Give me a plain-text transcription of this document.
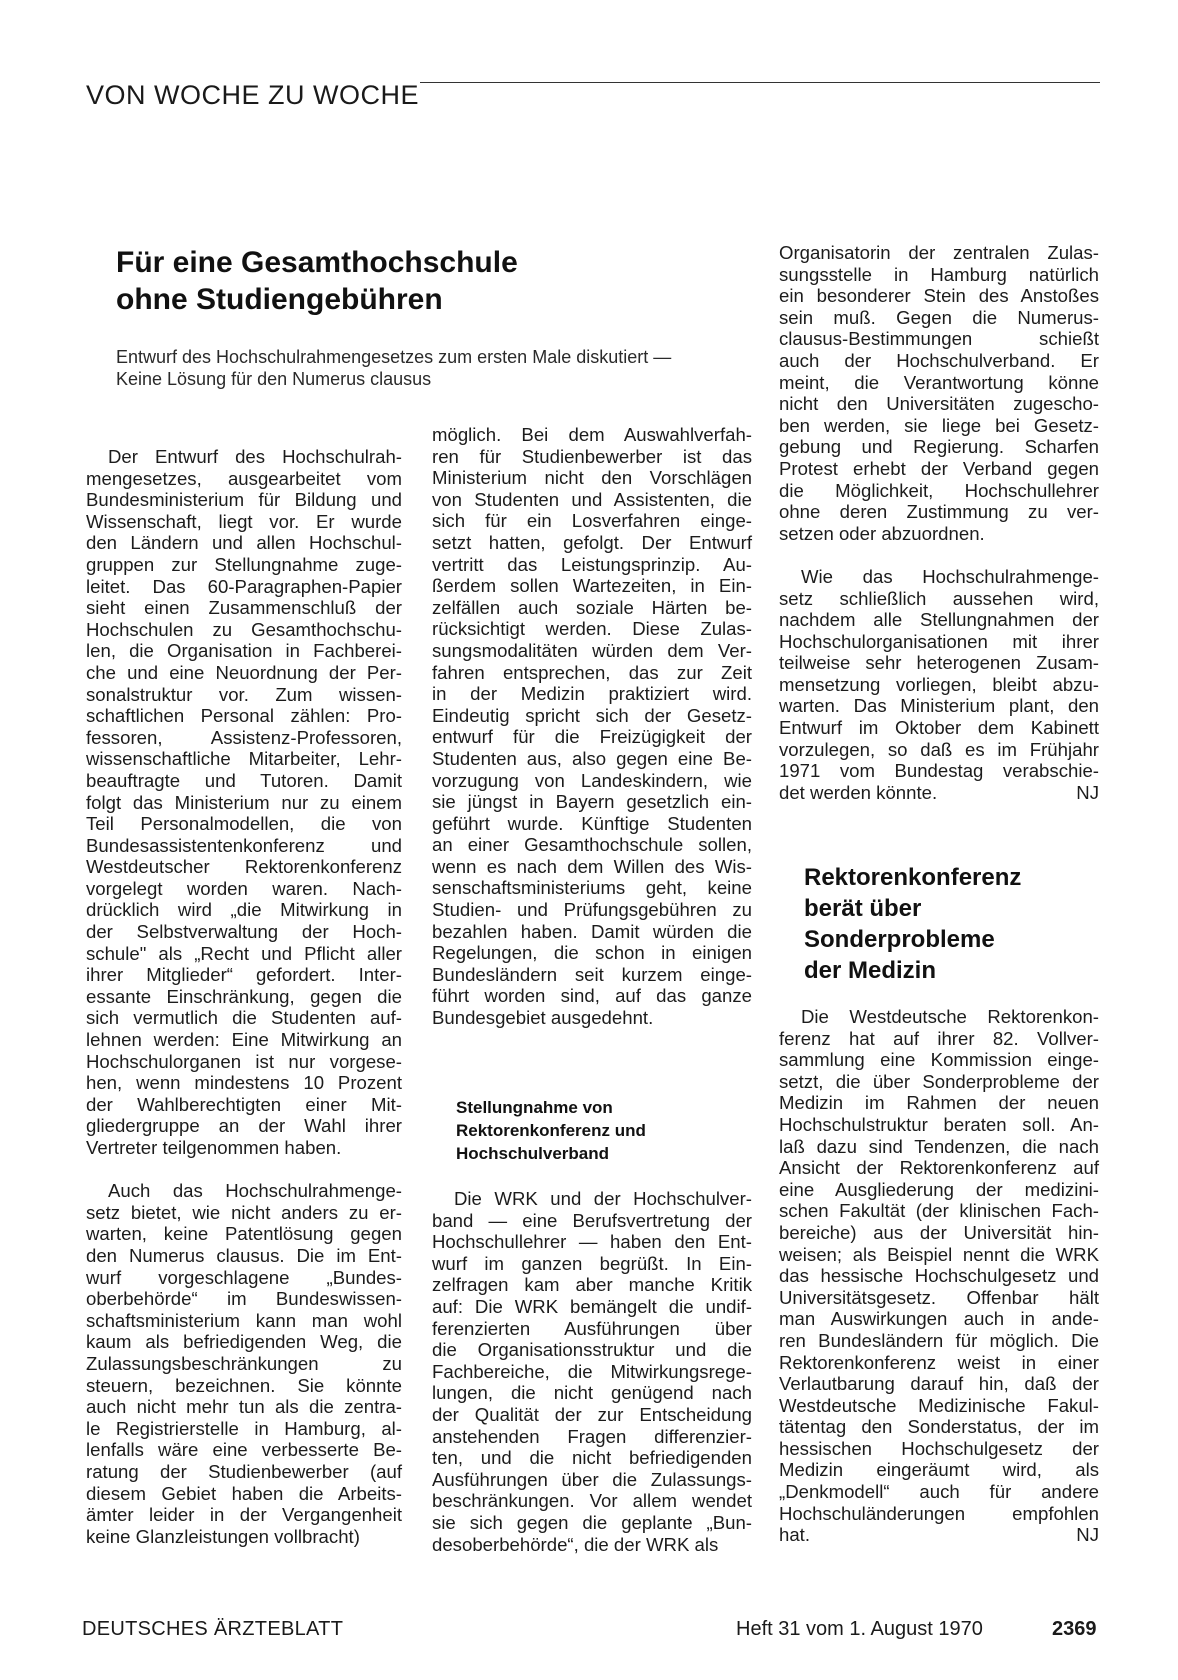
VON WOCHE ZU WOCHE
Für eine Gesamthochschule
ohne Studiengebühren
Entwurf des Hochschulrahmengesetzes zum ersten Male diskutiert —
Keine Lösung für den Numerus clausus
Der Entwurf des Hochschulrah-
mengesetzes, ausgearbeitet vom
Bundesministerium für Bildung und
Wissenschaft, liegt vor. Er wurde
den Ländern und allen Hochschul-
gruppen zur Stellungnahme zuge-
leitet. Das 60-Paragraphen-Papier
sieht einen Zusammenschluß der
Hochschulen zu Gesamthochschu-
len, die Organisation in Fachberei-
che und eine Neuordnung der Per-
sonalstruktur vor. Zum wissen-
schaftlichen Personal zählen: Pro-
fessoren, Assistenz-Professoren,
wissenschaftliche Mitarbeiter, Lehr-
beauftragte und Tutoren. Damit
folgt das Ministerium nur zu einem
Teil Personalmodellen, die von
Bundesassistentenkonferenz und
Westdeutscher Rektorenkonferenz
vorgelegt worden waren. Nach-
drücklich wird „die Mitwirkung in
der Selbstverwaltung der Hoch-
schule" als „Recht und Pflicht aller
ihrer Mitglieder“ gefordert. Inter-
essante Einschränkung, gegen die
sich vermutlich die Studenten auf-
lehnen werden: Eine Mitwirkung an
Hochschulorganen ist nur vorgese-
hen, wenn mindestens 10 Prozent
der Wahlberechtigten einer Mit-
gliedergruppe an der Wahl ihrer
Vertreter teilgenommen haben.
Auch das Hochschulrahmenge-
setz bietet, wie nicht anders zu er-
warten, keine Patentlösung gegen
den Numerus clausus. Die im Ent-
wurf vorgeschlagene „Bundes-
oberbehörde“ im Bundeswissen-
schaftsministerium kann man wohl
kaum als befriedigenden Weg, die
Zulassungsbeschränkungen zu
steuern, bezeichnen. Sie könnte
auch nicht mehr tun als die zentra-
le Registrierstelle in Hamburg, al-
lenfalls wäre eine verbesserte Be-
ratung der Studienbewerber (auf
diesem Gebiet haben die Arbeits-
ämter leider in der Vergangenheit
keine Glanzleistungen vollbracht)
möglich. Bei dem Auswahlverfah-
ren für Studienbewerber ist das
Ministerium nicht den Vorschlägen
von Studenten und Assistenten, die
sich für ein Losverfahren einge-
setzt hatten, gefolgt. Der Entwurf
vertritt das Leistungsprinzip. Au-
ßerdem sollen Wartezeiten, in Ein-
zelfällen auch soziale Härten be-
rücksichtigt werden. Diese Zulas-
sungsmodalitäten würden dem Ver-
fahren entsprechen, das zur Zeit
in der Medizin praktiziert wird.
Eindeutig spricht sich der Gesetz-
entwurf für die Freizügigkeit der
Studenten aus, also gegen eine Be-
vorzugung von Landeskindern, wie
sie jüngst in Bayern gesetzlich ein-
geführt wurde. Künftige Studenten
an einer Gesamthochschule sollen,
wenn es nach dem Willen des Wis-
senschaftsministeriums geht, keine
Studien- und Prüfungsgebühren zu
bezahlen haben. Damit würden die
Regelungen, die schon in einigen
Bundesländern seit kurzem einge-
führt worden sind, auf das ganze
Bundesgebiet ausgedehnt.
Stellungnahme von
Rektorenkonferenz und
Hochschulverband
Die WRK und der Hochschulver-
band — eine Berufsvertretung der
Hochschullehrer — haben den Ent-
wurf im ganzen begrüßt. In Ein-
zelfragen kam aber manche Kritik
auf: Die WRK bemängelt die undif-
ferenzierten Ausführungen über
die Organisationsstruktur und die
Fachbereiche, die Mitwirkungsrege-
lungen, die nicht genügend nach
der Qualität der zur Entscheidung
anstehenden Fragen differenzier-
ten, und die nicht befriedigenden
Ausführungen über die Zulassungs-
beschränkungen. Vor allem wendet
sie sich gegen die geplante „Bun-
desoberbehörde“, die der WRK als
Organisatorin der zentralen Zulas-
sungsstelle in Hamburg natürlich
ein besonderer Stein des Anstoßes
sein muß. Gegen die Numerus-
clausus-Bestimmungen schießt
auch der Hochschulverband. Er
meint, die Verantwortung könne
nicht den Universitäten zugescho-
ben werden, sie liege bei Gesetz-
gebung und Regierung. Scharfen
Protest erhebt der Verband gegen
die Möglichkeit, Hochschullehrer
ohne deren Zustimmung zu ver-
setzen oder abzuordnen.
Wie das Hochschulrahmenge-
setz schließlich aussehen wird,
nachdem alle Stellungnahmen der
Hochschulorganisationen mit ihrer
teilweise sehr heterogenen Zusam-
mensetzung vorliegen, bleibt abzu-
warten. Das Ministerium plant, den
Entwurf im Oktober dem Kabinett
vorzulegen, so daß es im Frühjahr
1971 vom Bundestag verabschie-
det werden könnte.	NJ
Rektorenkonferenz
berät über
Sonderprobleme
der Medizin
Die Westdeutsche Rektorenkon-
ferenz hat auf ihrer 82. Vollver-
sammlung eine Kommission einge-
setzt, die über Sonderprobleme der
Medizin im Rahmen der neuen
Hochschulstruktur beraten soll. An-
laß dazu sind Tendenzen, die nach
Ansicht der Rektorenkonferenz auf
eine Ausgliederung der medizini-
schen Fakultät (der klinischen Fach-
bereiche) aus der Universität hin-
weisen; als Beispiel nennt die WRK
das hessische Hochschulgesetz und
Universitätsgesetz. Offenbar hält
man Auswirkungen auch in ande-
ren Bundesländern für möglich. Die
Rektorenkonferenz weist in einer
Verlautbarung darauf hin, daß der
Westdeutsche Medizinische Fakul-
tätentag den Sonderstatus, der im
hessischen Hochschulgesetz der
Medizin eingeräumt wird, als
„Denkmodell“ auch für andere
Hochschuländerungen empfohlen
hat.	NJ
DEUTSCHES ÄRZTEBLATT	Heft 31 vom 1. August 1970	2369
